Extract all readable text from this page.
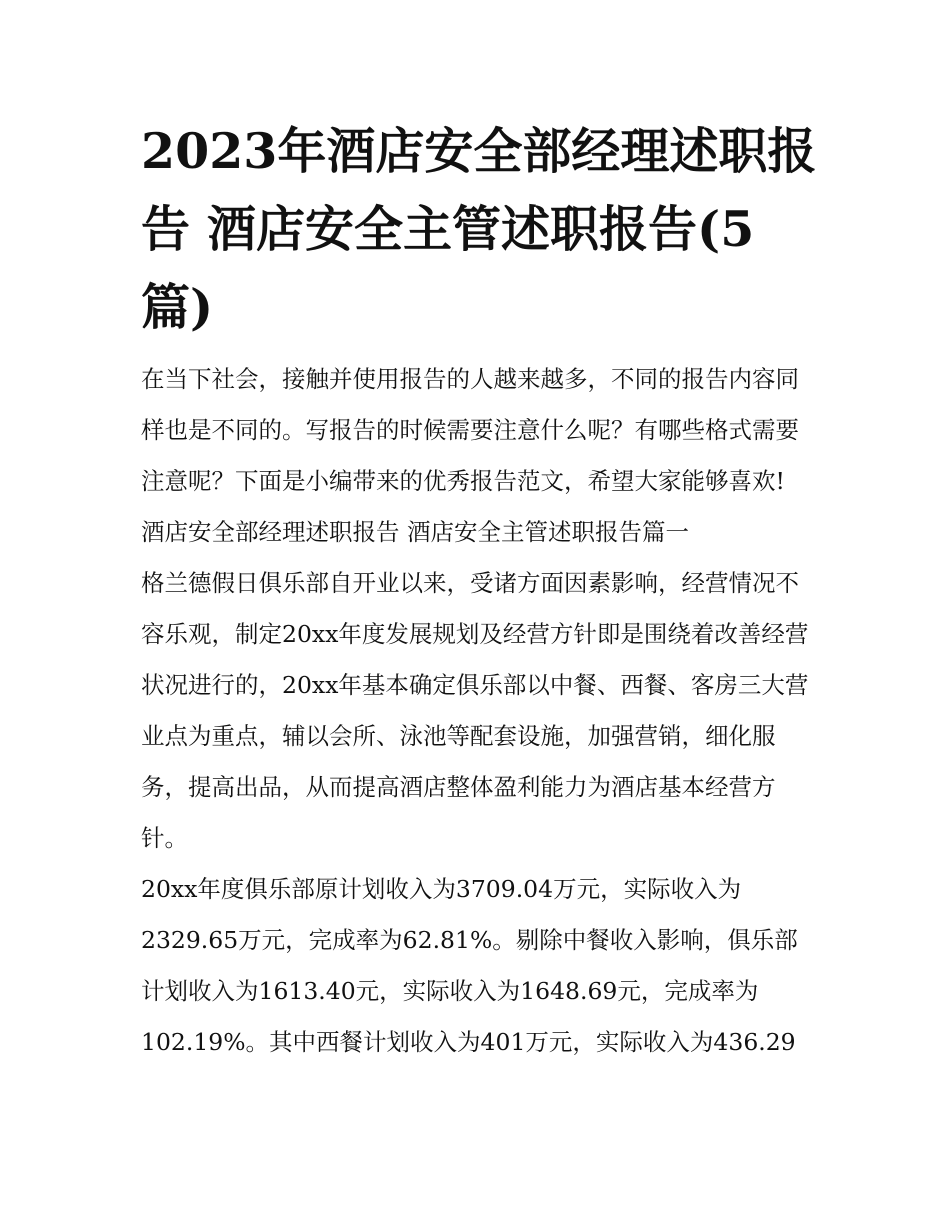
2023年酒店安全部经理述职报告 酒店安全主管述职报告(5篇)

在当下社会，接触并使用报告的人越来越多，不同的报告内容同样也是不同的。写报告的时候需要注意什么呢？有哪些格式需要注意呢？下面是小编带来的优秀报告范文，希望大家能够喜欢!

酒店安全部经理述职报告 酒店安全主管述职报告篇一

格兰德假日俱乐部自开业以来，受诸方面因素影响，经营情况不容乐观，制定20xx年度发展规划及经营方针即是围绕着改善经营状况进行的，20xx年基本确定俱乐部以中餐、西餐、客房三大营业点为重点，辅以会所、泳池等配套设施，加强营销，细化服务，提高出品，从而提高酒店整体盈利能力为酒店基本经营方针。

20xx年度俱乐部原计划收入为3709.04万元，实际收入为2329.65万元，完成率为62.81%。剔除中餐收入影响，俱乐部计划收入为1613.40元，实际收入为1648.69元，完成率为102.19%。其中西餐计划收入为401万元，实际收入为436.29
